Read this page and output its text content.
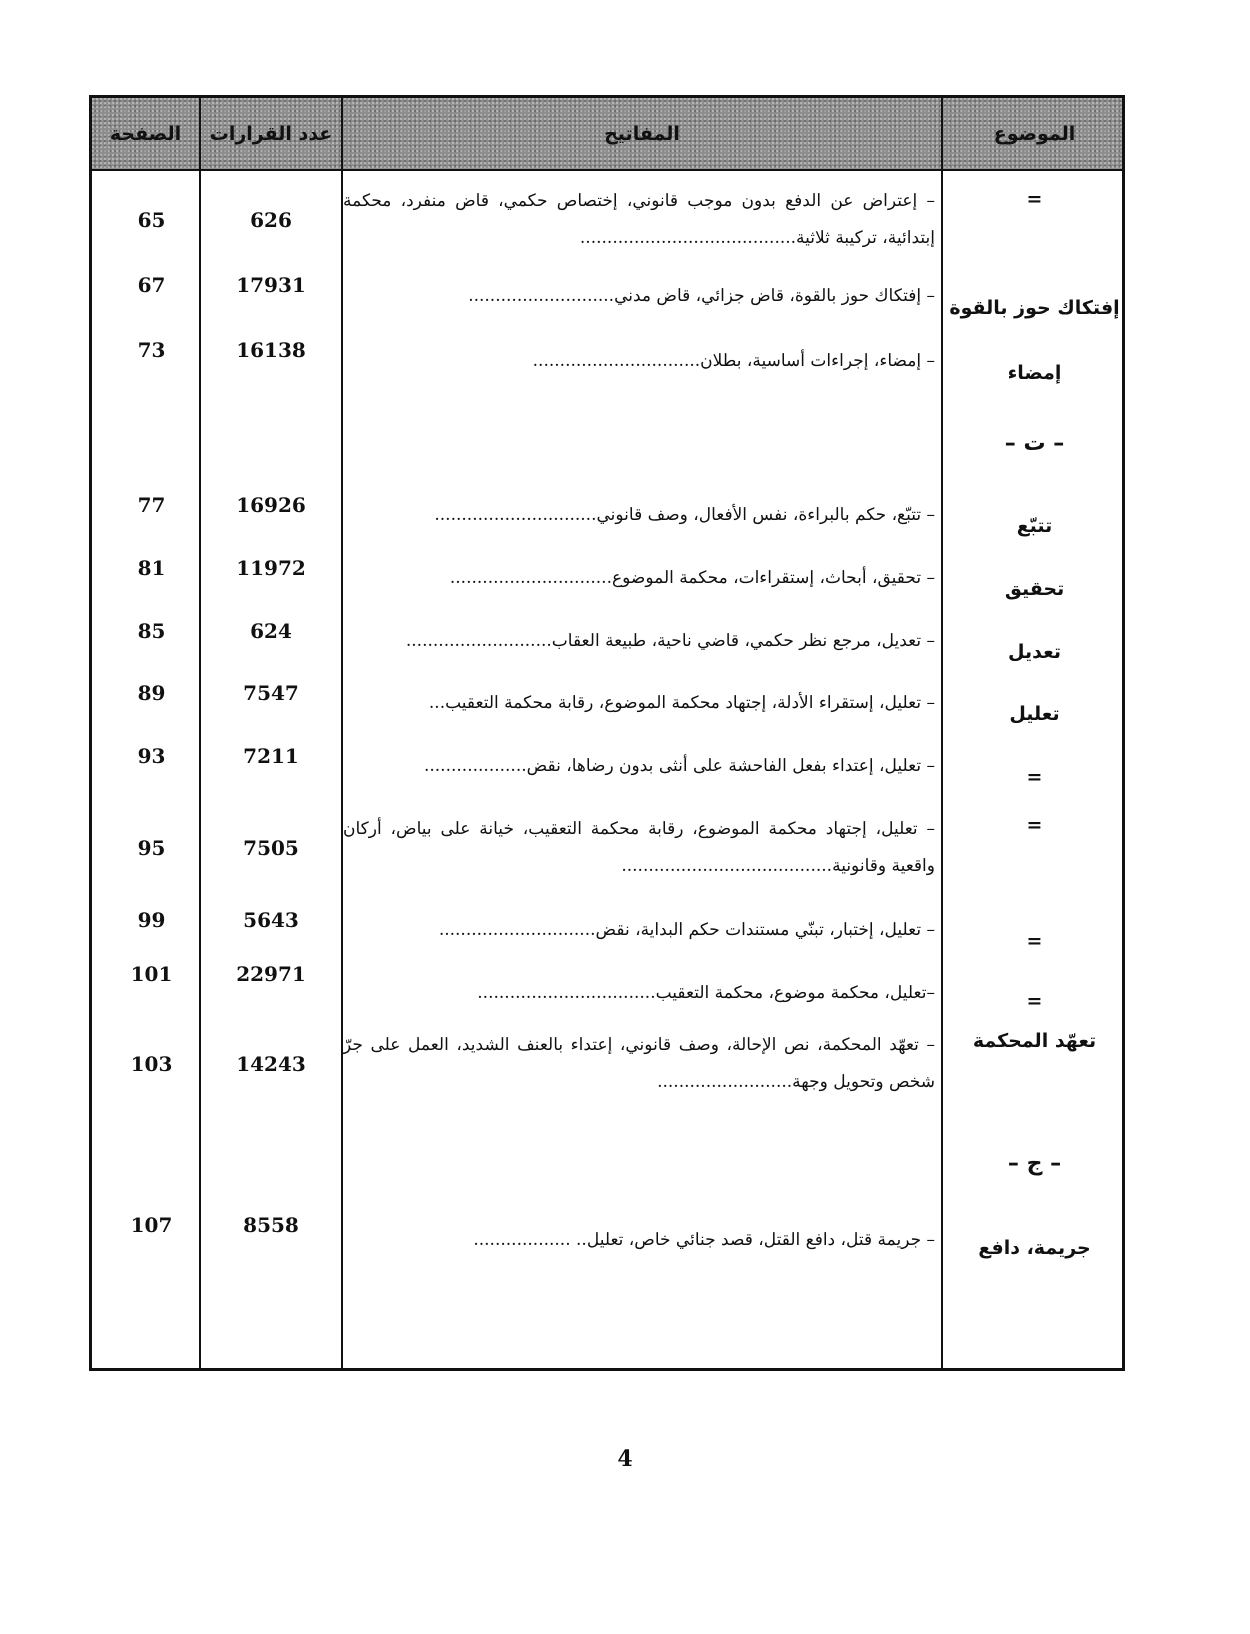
الموضوع
المفاتيح
عدد القرارات
الصفحة
=
– إعتراض عن الدفع بدون موجب قانوني، إختصاص حكمي، قاض منفرد، محكمة إبتدائية، تركيبة ثلاثية........................................
626
65
إفتكاك حوز بالقوة
– إفتكاك حوز بالقوة، قاض جزائي، قاض مدني...........................
17931
67
إمضاء
– إمضاء، إجراءات أساسية، بطلان...............................
16138
73
– ت –
تتبّع
– تتبّع، حكم بالبراءة، نفس الأفعال، وصف قانوني..............................
16926
77
تحقيق
– تحقيق، أبحاث، إستقراءات، محكمة الموضوع..............................
11972
81
تعديل
– تعديل، مرجع نظر حكمي، قاضي ناحية، طبيعة العقاب...........................
624
85
تعليل
– تعليل، إستقراء الأدلة، إجتهاد محكمة الموضوع، رقابة محكمة التعقيب...
7547
89
=
– تعليل، إعتداء بفعل الفاحشة على أنثى بدون رضاها، نقض...................
7211
93
=
– تعليل، إجتهاد محكمة الموضوع، رقابة محكمة التعقيب، خيانة على بياض، أركان واقعية وقانونية.......................................
7505
95
=
– تعليل، إختبار، تبنّي مستندات حكم البداية، نقض.............................
5643
99
=
–تعليل، محكمة موضوع، محكمة التعقيب.................................
22971
101
تعهّد المحكمة
– تعهّد المحكمة، نص الإحالة، وصف قانوني، إعتداء بالعنف الشديد، العمل على جرّ شخص وتحويل وجهة.........................
14243
103
– ج –
جريمة، دافع
– جريمة قتل، دافع القتل، قصد جنائي خاص، تعليل.. ..................
8558
107
4
